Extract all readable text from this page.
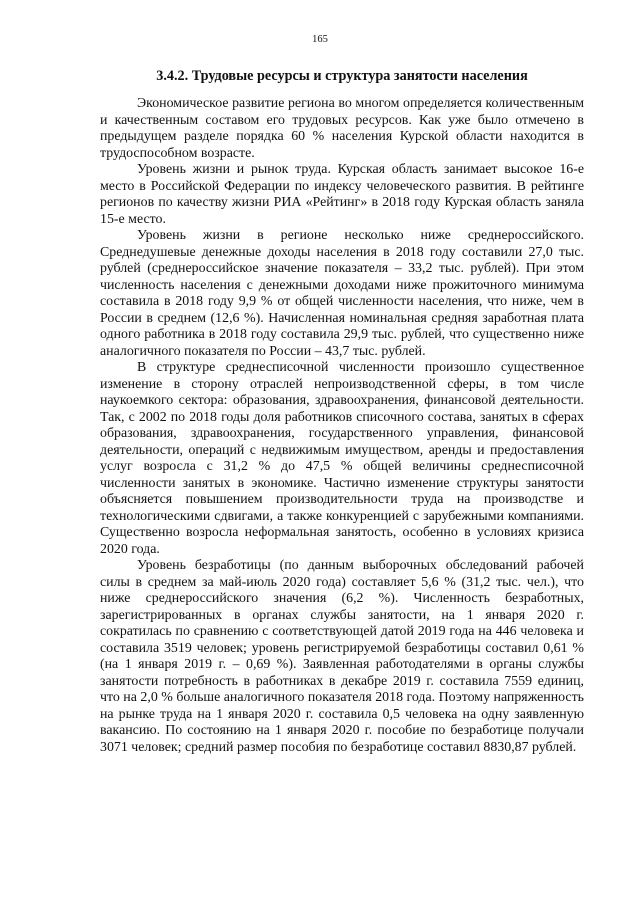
165
3.4.2. Трудовые ресурсы и структура занятости населения

Экономическое развитие региона во многом определяется количественным и качественным составом его трудовых ресурсов. Как уже было отмечено в предыдущем разделе порядка 60 % населения Курской области находится в трудоспособном возрасте.

Уровень жизни и рынок труда. Курская область занимает высокое 16-е место в Российской Федерации по индексу человеческого развития. В рейтинге регионов по качеству жизни РИА «Рейтинг» в 2018 году Курская область заняла 15-е место.

Уровень жизни в регионе несколько ниже среднероссийского. Среднедушевые денежные доходы населения в 2018 году составили 27,0 тыс. рублей (среднероссийское значение показателя – 33,2 тыс. рублей). При этом численность населения с денежными доходами ниже прожиточного минимума составила в 2018 году 9,9 % от общей численности населения, что ниже, чем в России в среднем (12,6 %). Начисленная номинальная средняя заработная плата одного работника в 2018 году составила 29,9 тыс. рублей, что существенно ниже аналогичного показателя по России – 43,7 тыс. рублей.

В структуре среднесписочной численности произошло существенное изменение в сторону отраслей непроизводственной сферы, в том числе наукоемкого сектора: образования, здравоохранения, финансовой деятельности. Так, с 2002 по 2018 годы доля работников списочного состава, занятых в сферах образования, здравоохранения, государственного управления, финансовой деятельности, операций с недвижимым имуществом, аренды и предоставления услуг возросла с 31,2 % до 47,5 % общей величины среднесписочной численности занятых в экономике. Частично изменение структуры занятости объясняется повышением производительности труда на производстве и технологическими сдвигами, а также конкуренцией с зарубежными компаниями. Существенно возросла неформальная занятость, особенно в условиях кризиса 2020 года.

Уровень безработицы (по данным выборочных обследований рабочей силы в среднем за май-июль 2020 года) составляет 5,6 % (31,2 тыс. чел.), что ниже среднероссийского значения (6,2 %). Численность безработных, зарегистрированных в органах службы занятости, на 1 января 2020 г. сократилась по сравнению с соответствующей датой 2019 года на 446 человека и составила 3519 человек; уровень регистрируемой безработицы составил 0,61 % (на 1 января 2019 г. – 0,69 %). Заявленная работодателями в органы службы занятости потребность в работниках в декабре 2019 г. составила 7559 единиц, что на 2,0 % больше аналогичного показателя 2018 года. Поэтому напряженность на рынке труда на 1 января 2020 г. составила 0,5 человека на одну заявленную вакансию. По состоянию на 1 января 2020 г. пособие по безработице получали 3071 человек; средний размер пособия по безработице составил 8830,87 рублей.
